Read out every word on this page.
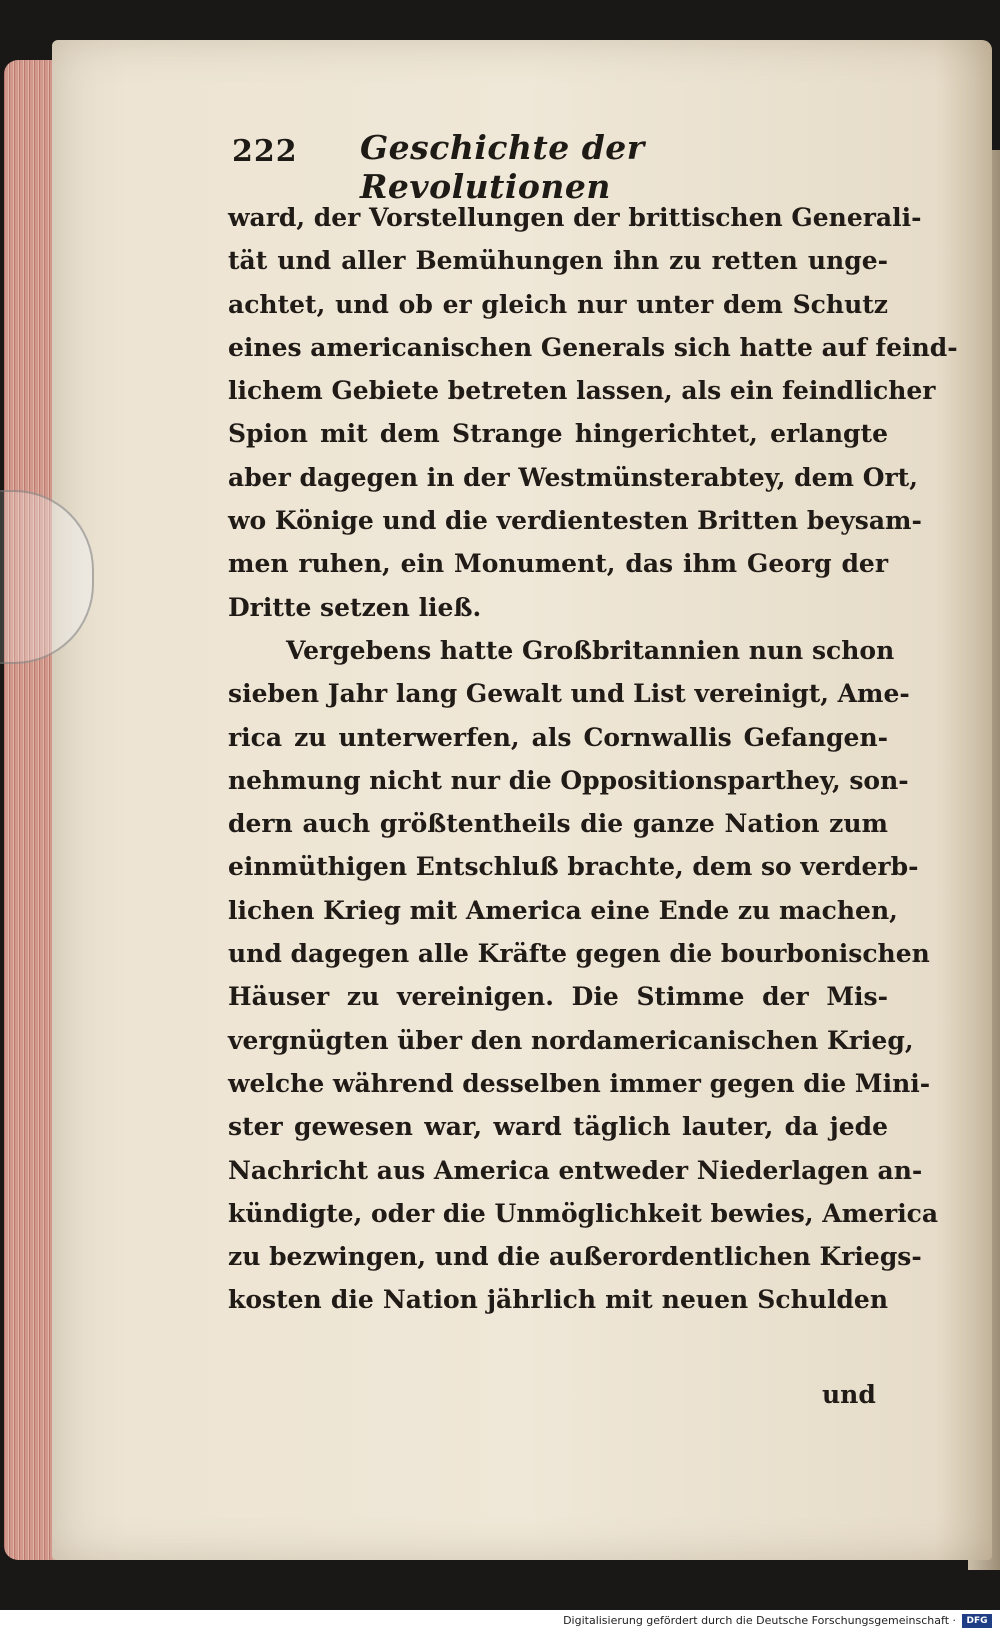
222 Geschichte der Revolutionen
ward, der Vorstellungen der brittischen Generali-
tät und aller Bemühungen ihn zu retten unge-
achtet, und ob er gleich nur unter dem Schutz
eines americanischen Generals sich hatte auf feind-
lichem Gebiete betreten lassen, als ein feindlicher
Spion mit dem Strange hingerichtet, erlangte
aber dagegen in der Westmünsterabtey, dem Ort,
wo Könige und die verdientesten Britten beysam-
men ruhen, ein Monument, das ihm Georg der
Dritte setzen ließ.
Vergebens hatte Großbritannien nun schon
sieben Jahr lang Gewalt und List vereinigt, Ame-
rica zu unterwerfen, als Cornwallis Gefangen-
nehmung nicht nur die Oppositionsparthey, son-
dern auch größtentheils die ganze Nation zum
einmüthigen Entschluß brachte, dem so verderb-
lichen Krieg mit America eine Ende zu machen,
und dagegen alle Kräfte gegen die bourbonischen
Häuser zu vereinigen. Die Stimme der Mis-
vergnügten über den nordamericanischen Krieg,
welche während desselben immer gegen die Mini-
ster gewesen war, ward täglich lauter, da jede
Nachricht aus America entweder Niederlagen an-
kündigte, oder die Unmöglichkeit bewies, America
zu bezwingen, und die außerordentlichen Kriegs-
kosten die Nation jährlich mit neuen Schulden
und
Digitalisierung gefördert durch die Deutsche Forschungsgemeinschaft ·	DFG
